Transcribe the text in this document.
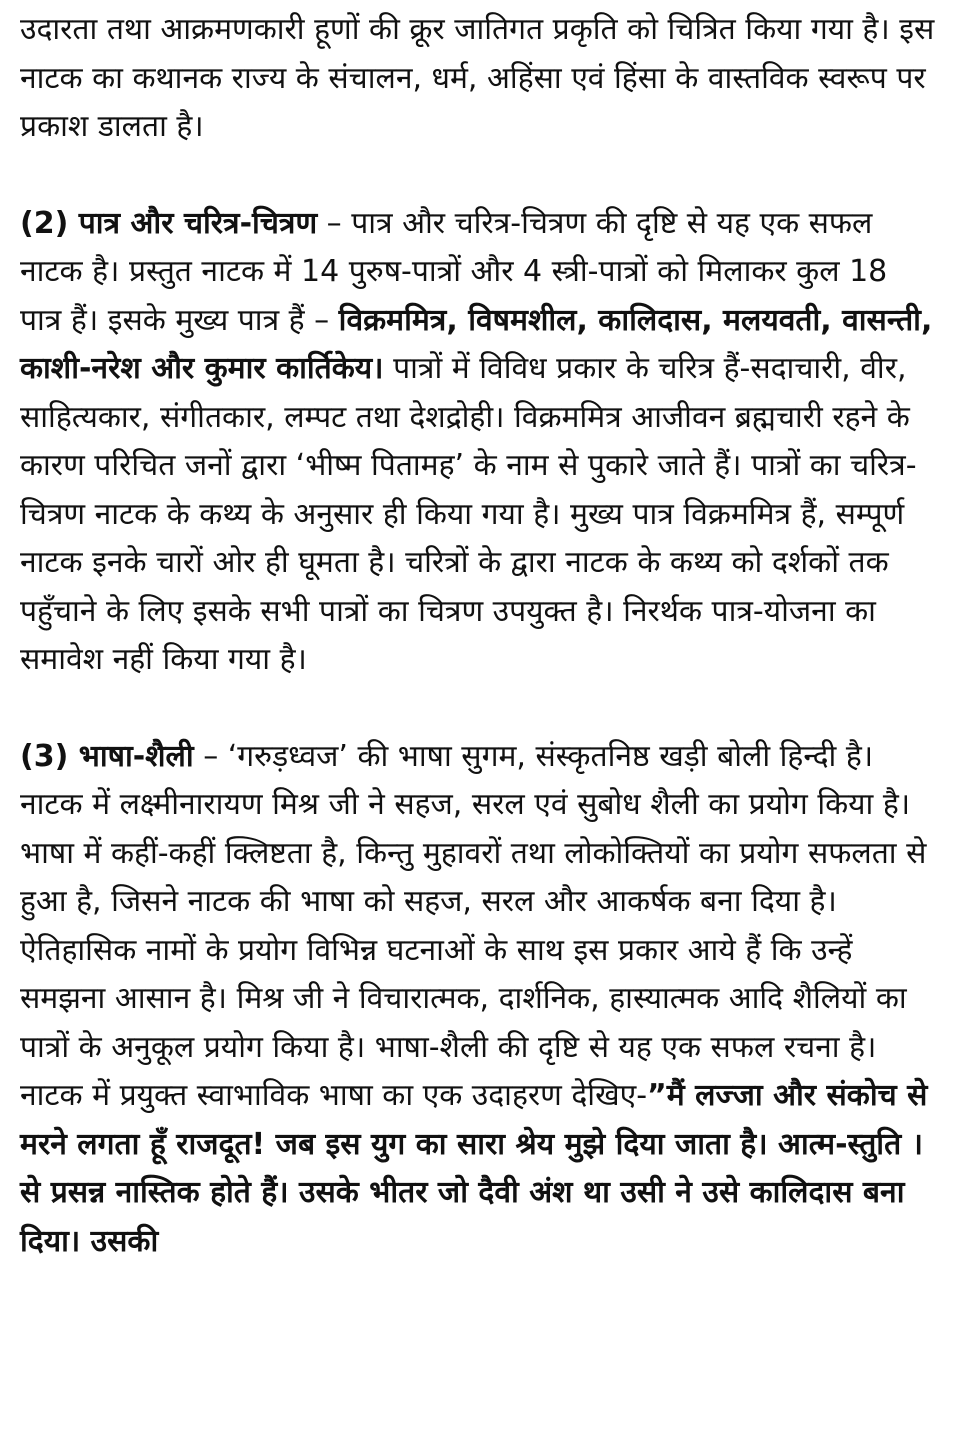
उदारता तथा आक्रमणकारी हूणों की क्रूर जातिगत प्रकृति को चित्रित किया गया है। इस नाटक का कथानक राज्य के संचालन, धर्म, अहिंसा एवं हिंसा के वास्तविक स्वरूप पर प्रकाश डालता है।

(2) पात्र और चरित्र-चित्रण – पात्र और चरित्र-चित्रण की दृष्टि से यह एक सफल नाटक है। प्रस्तुत नाटक में 14 पुरुष-पात्रों और 4 स्त्री-पात्रों को मिलाकर कुल 18 पात्र हैं। इसके मुख्य पात्र हैं – विक्रममित्र, विषमशील, कालिदास, मलयवती, वासन्ती, काशी-नरेश और कुमार कार्तिकेय। पात्रों में विविध प्रकार के चरित्र हैं-सदाचारी, वीर, साहित्यकार, संगीतकार, लम्पट तथा देशद्रोही। विक्रममित्र आजीवन ब्रह्मचारी रहने के कारण परिचित जनों द्वारा ‘भीष्म पितामह’ के नाम से पुकारे जाते हैं। पात्रों का चरित्र-चित्रण नाटक के कथ्य के अनुसार ही किया गया है। मुख्य पात्र विक्रममित्र हैं, सम्पूर्ण नाटक इनके चारों ओर ही घूमता है। चरित्रों के द्वारा नाटक के कथ्य को दर्शकों तक पहुँचाने के लिए इसके सभी पात्रों का चित्रण उपयुक्त है। निरर्थक पात्र-योजना का समावेश नहीं किया गया है।

(3) भाषा-शैली – ‘गरुड़ध्वज’ की भाषा सुगम, संस्कृतनिष्ठ खड़ी बोली हिन्दी है। नाटक में लक्ष्मीनारायण मिश्र जी ने सहज, सरल एवं सुबोध शैली का प्रयोग किया है। भाषा में कहीं-कहीं क्लिष्टता है, किन्तु मुहावरों तथा लोकोक्तियों का प्रयोग सफलता से हुआ है, जिसने नाटक की भाषा को सहज, सरल और आकर्षक बना दिया है। ऐतिहासिक नामों के प्रयोग विभिन्न घटनाओं के साथ इस प्रकार आये हैं कि उन्हें समझना आसान है। मिश्र जी ने विचारात्मक, दार्शनिक, हास्यात्मक आदि शैलियों का पात्रों के अनुकूल प्रयोग किया है। भाषा-शैली की दृष्टि से यह एक सफल रचना है। नाटक में प्रयुक्त स्वाभाविक भाषा का एक उदाहरण देखिए-”मैं लज्जा और संकोच से मरने लगता हूँ राजदूत! जब इस युग का सारा श्रेय मुझे दिया जाता है। आत्म-स्तुति । से प्रसन्न नास्तिक होते हैं। उसके भीतर जो दैवी अंश था उसी ने उसे कालिदास बना दिया। उसकी
